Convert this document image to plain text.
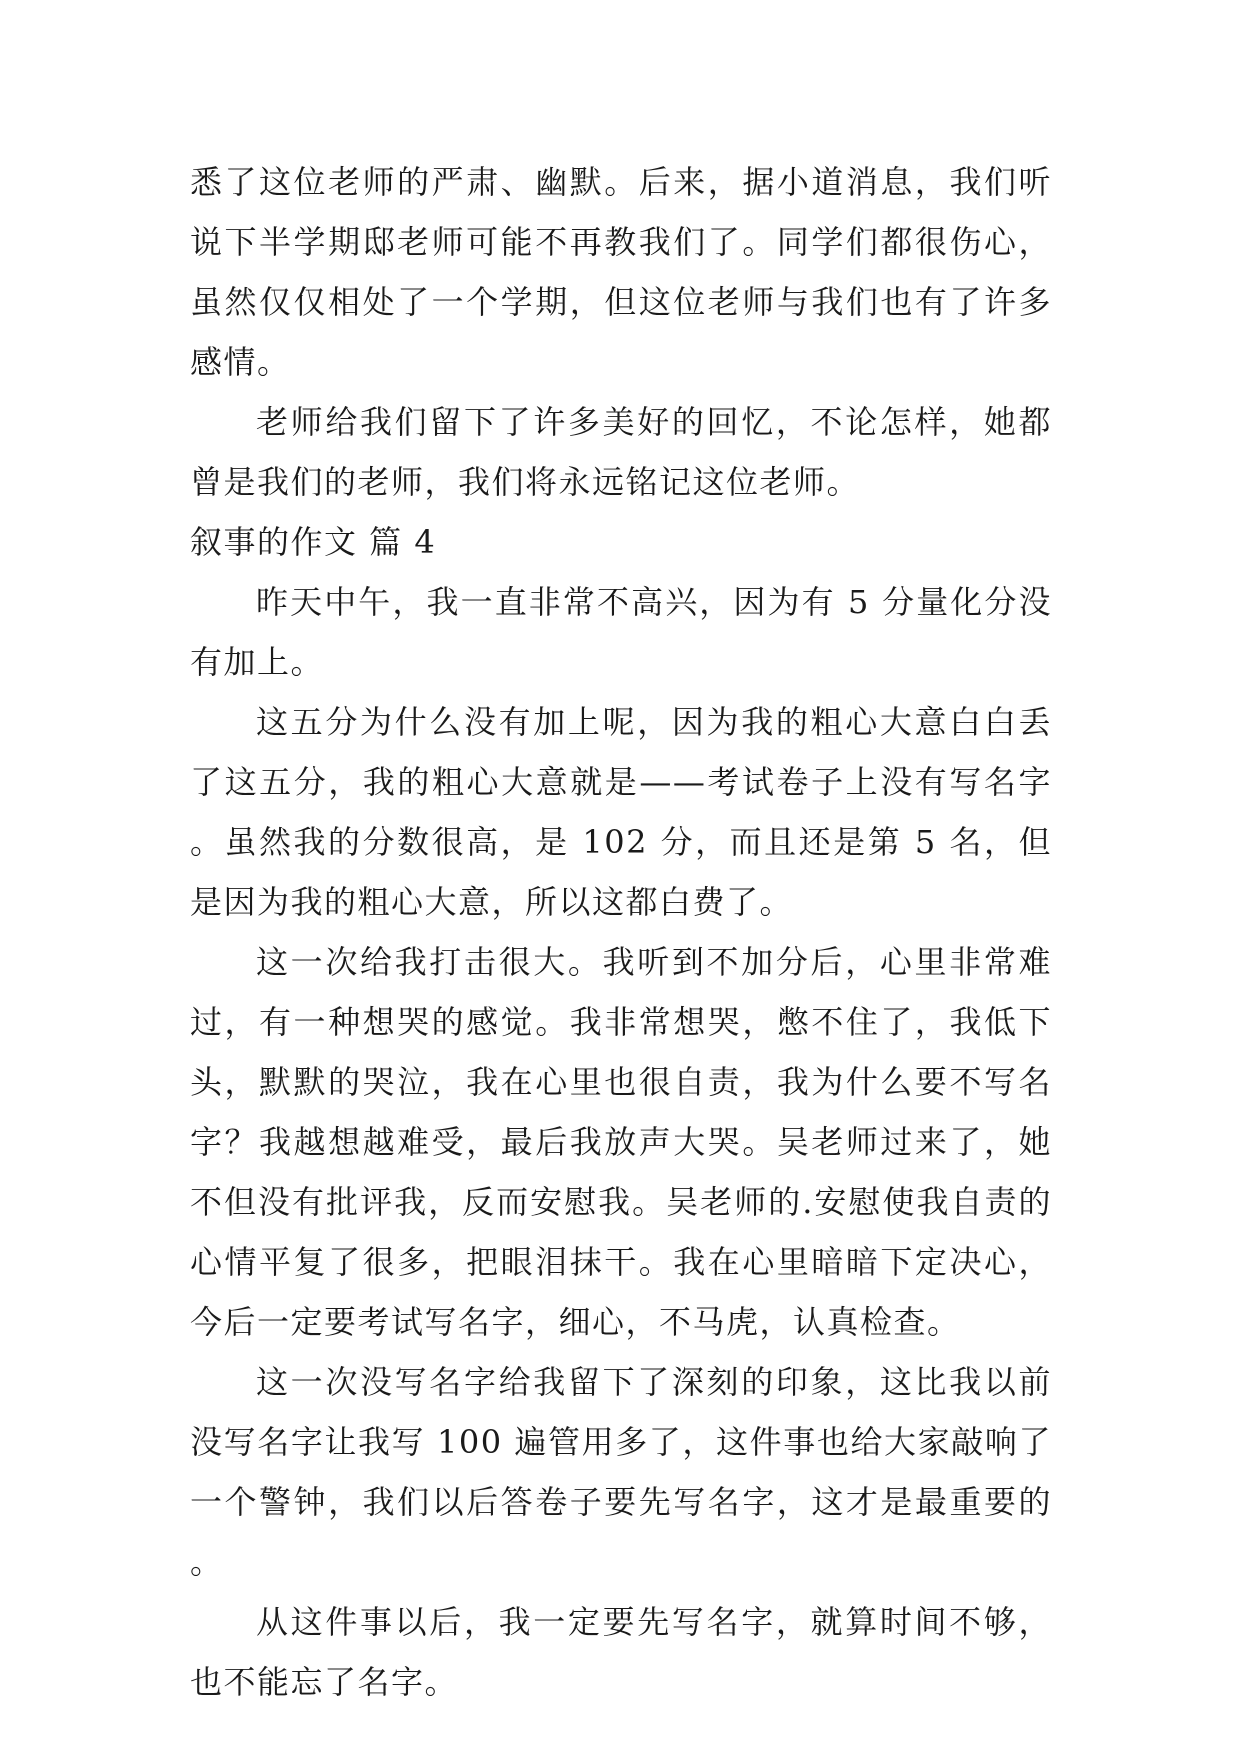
悉了这位老师的严肃、幽默。后来，据小道消息，我们听说下半学期邸老师可能不再教我们了。同学们都很伤心，虽然仅仅相处了一个学期，但这位老师与我们也有了许多感情。

老师给我们留下了许多美好的回忆，不论怎样，她都曾是我们的老师，我们将永远铭记这位老师。

叙事的作文 篇 4

昨天中午，我一直非常不高兴，因为有 5 分量化分没有加上。

这五分为什么没有加上呢，因为我的粗心大意白白丢了这五分，我的粗心大意就是——考试卷子上没有写名字。虽然我的分数很高，是 102 分，而且还是第 5 名，但是因为我的粗心大意，所以这都白费了。

这一次给我打击很大。我听到不加分后，心里非常难过，有一种想哭的感觉。我非常想哭，憋不住了，我低下头，默默的哭泣，我在心里也很自责，我为什么要不写名字？我越想越难受，最后我放声大哭。吴老师过来了，她不但没有批评我，反而安慰我。吴老师的.安慰使我自责的心情平复了很多，把眼泪抹干。我在心里暗暗下定决心，今后一定要考试写名字，细心，不马虎，认真检查。

这一次没写名字给我留下了深刻的印象，这比我以前没写名字让我写 100 遍管用多了，这件事也给大家敲响了一个警钟，我们以后答卷子要先写名字，这才是最重要的。

从这件事以后，我一定要先写名字，就算时间不够，也不能忘了名字。
